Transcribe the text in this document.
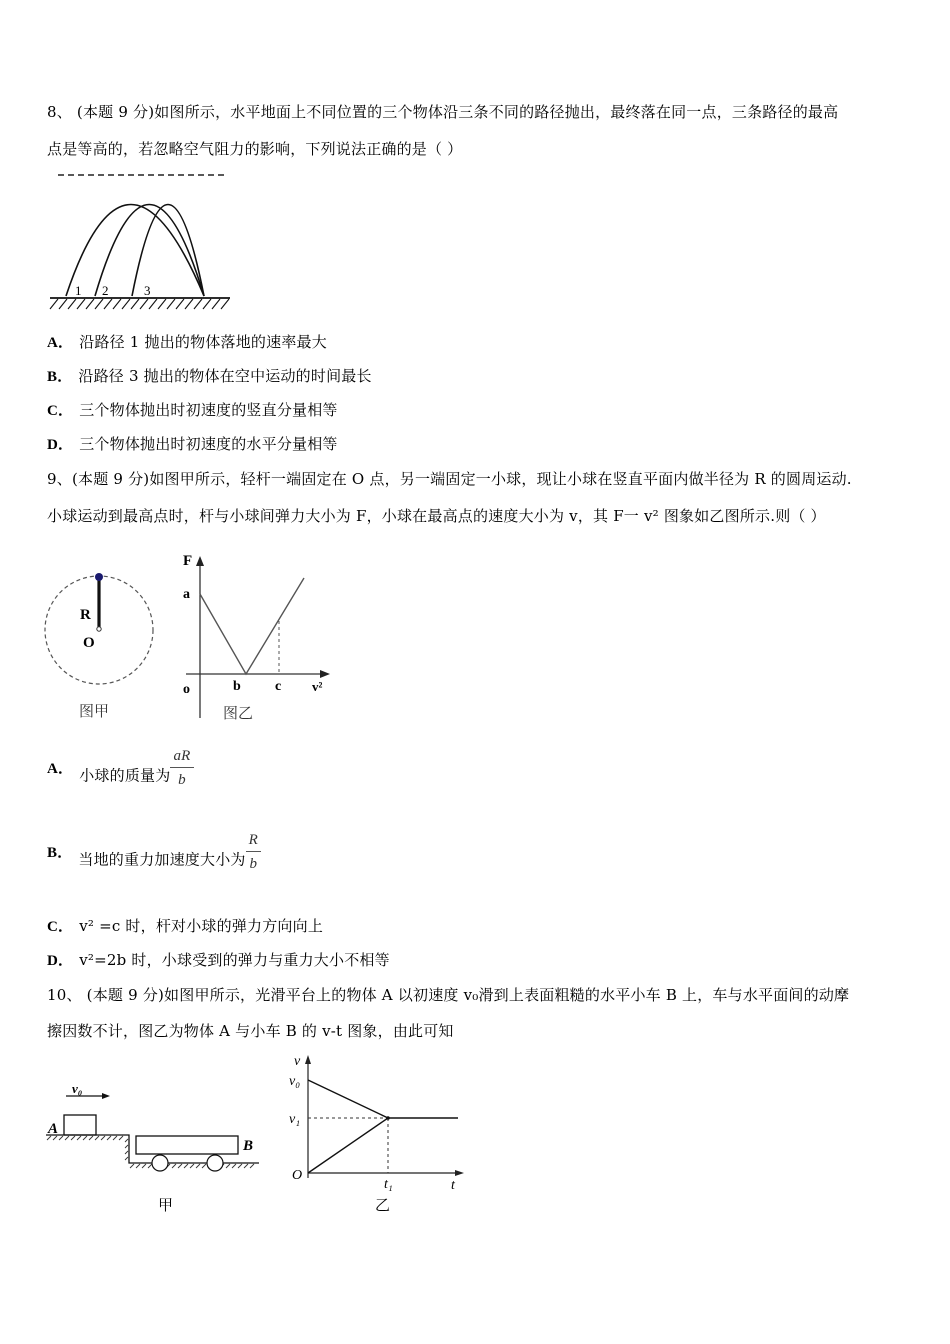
8、 (本题 9 分)如图所示，水平地面上不同位置的三个物体沿三条不同的路径抛出，最终落在同一点，三条路径的最高
点是等高的，若忽略空气阻力的影响，下列说法正确的是（ ）
1 2	3
A． 沿路径 1 抛出的物体落地的速率最大
B． 沿路径 3 抛出的物体在空中运动的时间最长
C． 三个物体抛出时初速度的竖直分量相等
D． 三个物体抛出时初速度的水平分量相等
9、(本题 9 分)如图甲所示，轻杆一端固定在 O 点，另一端固定一小球，现让小球在竖直平面内做半径为 R 的圆周运动.
小球运动到最高点时，杆与小球间弹力大小为 F，小球在最高点的速度大小为 v，其 F一 v² 图象如乙图所示.则（ ）
R
O
图甲
F
a
o	b c v²
图乙
A． 小球的质量为 $\frac{aR}{b}$
B． 当地的重力加速度大小为 $\frac{R}{b}$
C． v² =c 时，杆对小球的弹力方向向上
D． v²=2b 时，小球受到的弹力与重力大小不相等
10、 (本题 9 分)如图甲所示，光滑平台上的物体 A 以初速度 v₀滑到上表面粗糙的水平小车 B 上，车与水平面间的动摩
擦因数不计，图乙为物体 A 与小车 B 的 v-t 图象，由此可知
v₀
A
B
甲
v
v₀
v₁
O
t₁	t
乙
